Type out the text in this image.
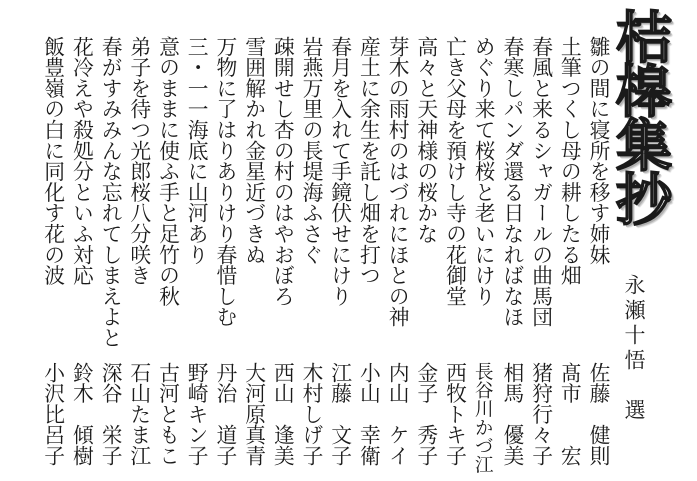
桔槔集抄
永瀬十悟　選
雛の間に寝所を移す姉妹
土筆つくし母の耕したる畑
春風と来るシャガールの曲馬団
春寒しパンダ還る日なればなほ
めぐり来て桜桜と老いにけり
亡き父母を預けし寺の花御堂
高々と天神様の桜かな
芽木の雨村のはづれにほとの神
産土に余生を託し畑を打つ
春月を入れて手鏡伏せにけり
岩燕万里の長堤海ふさぐ
疎開せし杏の村のはやおぼろ
雪囲解かれ金星近づきぬ
万物に了はりありけり春惜しむ
三・一一海底に山河あり
意のままに使ふ手と足竹の秋
弟子を待つ光郎桜八分咲き
春がすみみんな忘れてしまえよと
花冷えや殺処分といふ対応
飯豊嶺の白に同化す花の波
佐藤　健則
髙市　　宏
猪狩行々子
相馬　優美
長谷川かづ江
西牧トキ子
金子　秀子
内山　ケイ
小山　幸衛
江藤　文子
木村しげ子
西山　逢美
大河原真青
丹治　道子
野崎キン子
古河ともこ
石山たま江
深谷　栄子
鈴木　傾樹
小沢比呂子
